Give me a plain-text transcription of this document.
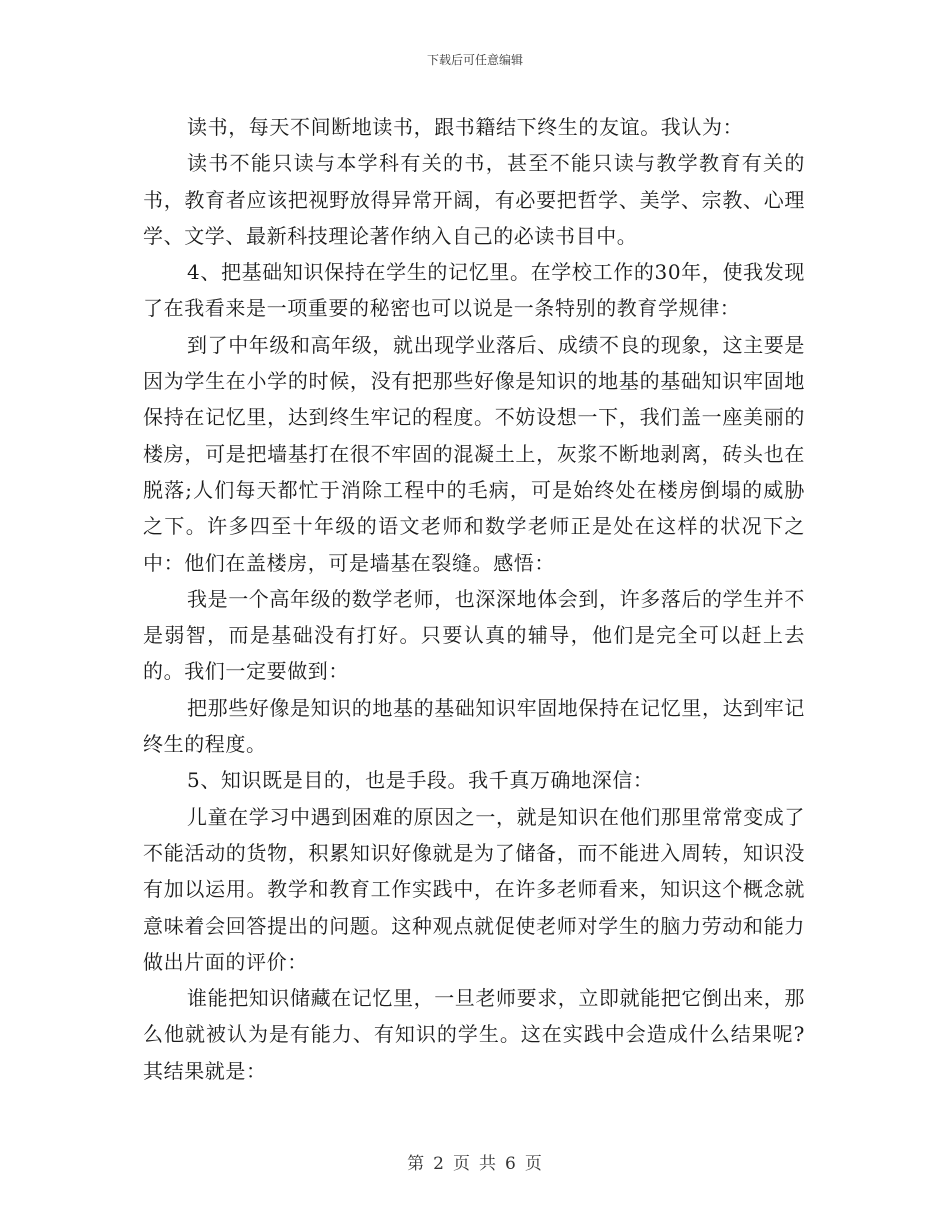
下载后可任意编辑

读书，每天不间断地读书，跟书籍结下终生的友谊。我认为：

读书不能只读与本学科有关的书，甚至不能只读与教学教育有关的书，教育者应该把视野放得异常开阔，有必要把哲学、美学、宗教、心理学、文学、最新科技理论著作纳入自己的必读书目中。

4、把基础知识保持在学生的记忆里。在学校工作的30年，使我发现了在我看来是一项重要的秘密也可以说是一条特别的教育学规律：

到了中年级和高年级，就出现学业落后、成绩不良的现象，这主要是因为学生在小学的时候，没有把那些好像是知识的地基的基础知识牢固地保持在记忆里，达到终生牢记的程度。不妨设想一下，我们盖一座美丽的楼房，可是把墙基打在很不牢固的混凝土上，灰浆不断地剥离，砖头也在脱落;人们每天都忙于消除工程中的毛病，可是始终处在楼房倒塌的威胁之下。许多四至十年级的语文老师和数学老师正是处在这样的状况下之中：他们在盖楼房，可是墙基在裂缝。感悟：

我是一个高年级的数学老师，也深深地体会到，许多落后的学生并不是弱智，而是基础没有打好。只要认真的辅导，他们是完全可以赶上去的。我们一定要做到：

把那些好像是知识的地基的基础知识牢固地保持在记忆里，达到牢记终生的程度。

5、知识既是目的，也是手段。我千真万确地深信：

儿童在学习中遇到困难的原因之一，就是知识在他们那里常常变成了不能活动的货物，积累知识好像就是为了储备，而不能进入周转，知识没有加以运用。教学和教育工作实践中，在许多老师看来，知识这个概念就意味着会回答提出的问题。这种观点就促使老师对学生的脑力劳动和能力做出片面的评价：

谁能把知识储藏在记忆里，一旦老师要求，立即就能把它倒出来，那么他就被认为是有能力、有知识的学生。这在实践中会造成什么结果呢?其结果就是：

第 2 页 共 6 页
